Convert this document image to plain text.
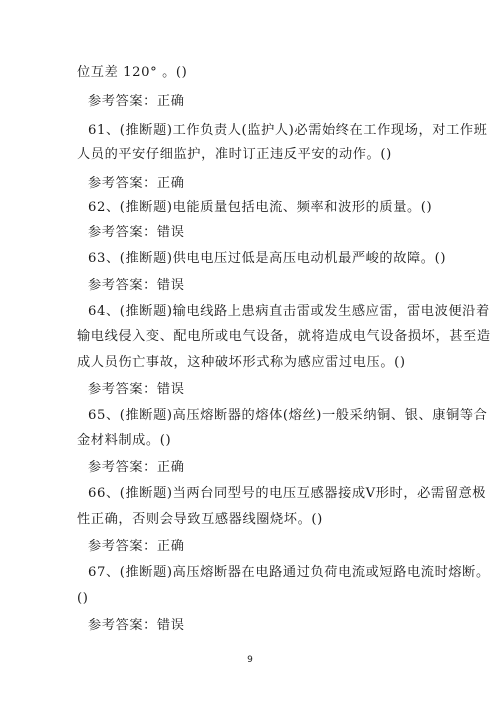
位互差 120° 。()
参考答案：正确
61、(推断题)工作负责人(监护人)必需始终在工作现场，对工作班
人员的平安仔细监护，准时订正违反平安的动作。()
参考答案：正确
62、(推断题)电能质量包括电流、频率和波形的质量。()
参考答案：错误
63、(推断题)供电电压过低是高压电动机最严峻的故障。()
参考答案：错误
64、(推断题)输电线路上患病直击雷或发生感应雷，雷电波便沿着
输电线侵入变、配电所或电气设备，就将造成电气设备损坏，甚至造
成人员伤亡事故，这种破坏形式称为感应雷过电压。()
参考答案：错误
65、(推断题)高压熔断器的熔体(熔丝)一般采纳铜、银、康铜等合
金材料制成。()
参考答案：正确
66、(推断题)当两台同型号的电压互感器接成V形时，必需留意极
性正确，否则会导致互感器线圈烧坏。()
参考答案：正确
67、(推断题)高压熔断器在电路通过负荷电流或短路电流时熔断。
()
参考答案：错误
9
